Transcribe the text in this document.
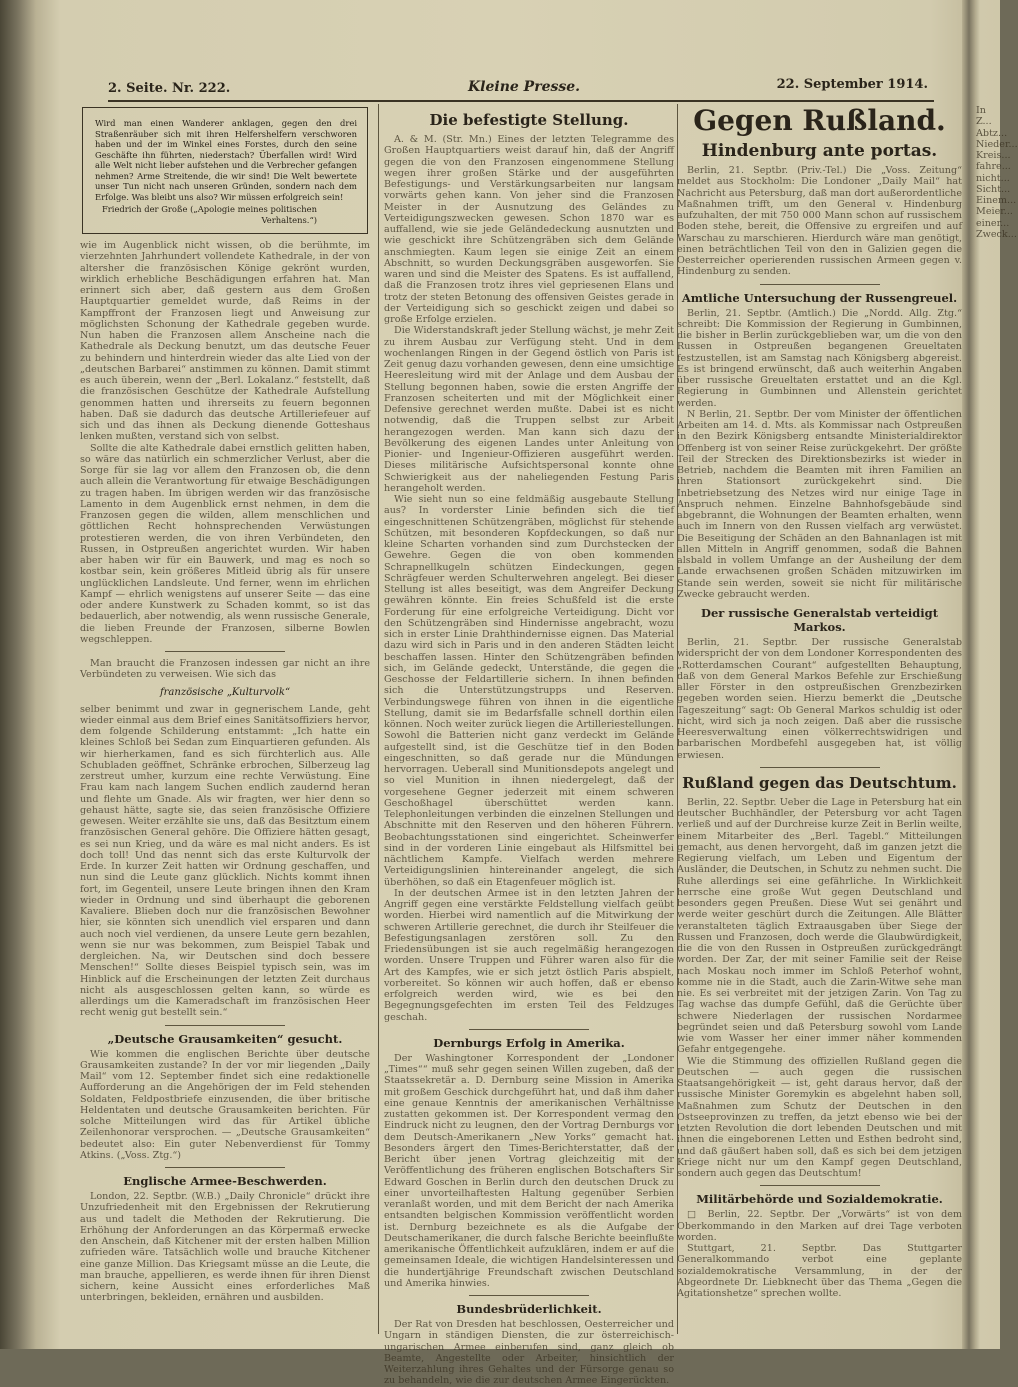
2. Seite. Nr. 222.	Kleine Presse.	22. September 1914.
Wird man einen Wanderer anklagen, gegen den drei Straßenräuber sich mit ihren Helfershelfern verschworen haben und der im Winkel eines Forstes, durch den seine Geschäfte ihn führten, niederstach? Überfallen wird! Wird alle Welt nicht lieber aufstehen und die Verbrecher gefangen nehmen? Arme Streitende, die wir sind! Die Welt bewertete unser Tun nicht nach unseren Gründen, sondern nach dem Erfolge. Was bleibt uns also? Wir müssen erfolgreich sein!
Friedrich der Große („Apologie meines politischen Verhaltens.“)

wie im Augenblick nicht wissen, ob die berühmte, im vierzehnten Jahrhundert vollendete Kathedrale, in der von altersher die französischen Könige gekrönt wurden, wirklich erhebliche Beschädigungen erfahren hat. Man erinnert sich aber, daß gestern aus dem Großen Hauptquartier gemeldet wurde, daß Reims in der Kampffront der Franzosen liegt und Anweisung zur möglichsten Schonung der Kathedrale gegeben wurde. Nun haben die Franzosen allem Anscheine nach die Kathedrale als Deckung benutzt, um das deutsche Feuer zu behindern und hinterdrein wieder das alte Lied von der „deutschen Barbarei“ anstimmen zu können. Damit stimmt es auch überein, wenn der „Berl. Lokalanz.“ feststellt, daß die französischen Geschütze der Kathedrale Aufstellung genommen hatten und ihrerseits zu feuern begonnen haben. Daß sie dadurch das deutsche Artilleriefeuer auf sich und das ihnen als Deckung dienende Gotteshaus lenken mußten, verstand sich von selbst.

Sollte die alte Kathedrale dabei ernstlich gelitten haben, so wäre das natürlich ein schmerzlicher Verlust, aber die Sorge für sie lag vor allem den Franzosen ob, die denn auch allein die Verantwortung für etwaige Beschädigungen zu tragen haben. Im übrigen werden wir das französische Lamento in dem Augenblick ernst nehmen, in dem die Franzosen gegen die wilden, allem menschlichen und göttlichen Recht hohnsprechenden Verwüstungen protestieren werden, die von ihren Verbündeten, den Russen, in Ostpreußen angerichtet wurden. Wir haben aber haben wir für ein Bauwerk, und mag es noch so kostbar sein, kein größeres Mitleid übrig als für unsere unglücklichen Landsleute. Und ferner, wenn im ehrlichen Kampf — ehrlich wenigstens auf unserer Seite — das eine oder andere Kunstwerk zu Schaden kommt, so ist das bedauerlich, aber notwendig, als wenn russische Generale, die lieben Freunde der Franzosen, silberne Bowlen wegschleppen.

Man braucht die Franzosen indessen gar nicht an ihre Verbündeten zu verweisen. Wie sich das

französische „Kulturvolk“

selber benimmt und zwar in gegnerischem Lande, geht wieder einmal aus dem Brief eines Sanitätsoffiziers hervor, dem folgende Schilderung entstammt: „Ich hatte ein kleines Schloß bei Sedan zum Einquartieren gefunden. Als wir hierherkamen, fand es sich fürchterlich aus. Alle Schubladen geöffnet, Schränke erbrochen, Silberzeug lag zerstreut umher, kurzum eine rechte Verwüstung. Eine Frau kam nach langem Suchen endlich zaudernd heran und flehte um Gnade. Als wir fragten, wer hier denn so gehaust hätte, sagte sie, das seien französische Offiziere gewesen. Weiter erzählte sie uns, daß das Besitztum einem französischen General gehöre. Die Offiziere hätten gesagt, es sei nun Krieg, und da wäre es mal nicht anders. Es ist doch toll! Und das nennt sich das erste Kulturvolk der Erde. In kurzer Zeit hatten wir Ordnung geschaffen, und nun sind die Leute ganz glücklich. Nichts kommt ihnen fort, im Gegenteil, unsere Leute bringen ihnen den Kram wieder in Ordnung und sind überhaupt die geborenen Kavaliere. Blieben doch nur die französischen Bewohner hier, sie könnten sich unendlich viel ersparen und dann auch noch viel verdienen, da unsere Leute gern bezahlen, wenn sie nur was bekommen, zum Beispiel Tabak und dergleichen. Na, wir Deutschen sind doch bessere Menschen!“ Sollte dieses Beispiel typisch sein, was im Hinblick auf die Erscheinungen der letzten Zeit durchaus nicht als ausgeschlossen gelten kann, so würde es allerdings um die Kameradschaft im französischen Heer recht wenig gut bestellt sein.“

„Deutsche Grausamkeiten“ gesucht.

Wie kommen die englischen Berichte über deutsche Grausamkeiten zustande? In der vor mir liegenden „Daily Mail“ vom 12. September findet sich eine redaktionelle Aufforderung an die Angehörigen der im Feld stehenden Soldaten, Feldpostbriefe einzusenden, die über britische Heldentaten und deutsche Grausamkeiten berichten. Für solche Mitteilungen wird das für Artikel übliche Zeilenhonorar versprochen. — „Deutsche Grausamkeiten“ bedeutet also: Ein guter Nebenverdienst für Tommy Atkins. („Voss. Ztg.“)

Englische Armee-Beschwerden.

London, 22. Septbr. (W.B.) „Daily Chronicle“ drückt ihre Unzufriedenheit mit den Ergebnissen der Rekrutierung aus und tadelt die Methoden der Rekrutierung. Die Erhöhung der Anforderungen an das Körpermaß erwecke den Anschein, daß Kitchener mit der ersten halben Million zufrieden wäre. Tatsächlich wolle und brauche Kitchener eine ganze Million. Das Kriegsamt müsse an die Leute, die man brauche, appellieren, es werde ihnen für ihren Dienst sichern, keine Aussicht eines erforderliches Maß unterbringen, bekleiden, ernähren und ausbilden.

Die befestigte Stellung.

A. & M. (Str. Mn.) Eines der letzten Telegramme des Großen Hauptquartiers weist darauf hin, daß der Angriff gegen die von den Franzosen eingenommene Stellung wegen ihrer großen Stärke und der ausgeführten Befestigungs- und Verstärkungsarbeiten nur langsam vorwärts gehen kann. Von jeher sind die Franzosen Meister in der Ausnutzung des Geländes zu Verteidigungszwecken gewesen. Schon 1870 war es auffallend, wie sie jede Geländedeckung ausnutzten und wie geschickt ihre Schützengräben sich dem Gelände anschmiegten. Kaum legen sie einige Zeit an einem Abschnitt, so wurden Deckungsgräben ausgeworfen. Sie waren und sind die Meister des Spatens. Es ist auffallend, daß die Franzosen trotz ihres viel gepriesenen Elans und trotz der steten Betonung des offensiven Geistes gerade in der Verteidigung sich so geschickt zeigen und dabei so große Erfolge erzielen.

Die Widerstandskraft jeder Stellung wächst, je mehr Zeit zu ihrem Ausbau zur Verfügung steht. Und in dem wochenlangen Ringen in der Gegend östlich von Paris ist Zeit genug dazu vorhanden gewesen, denn eine umsichtige Heeresleitung wird mit der Anlage und dem Ausbau der Stellung begonnen haben, sowie die ersten Angriffe der Franzosen scheiterten und mit der Möglichkeit einer Defensive gerechnet werden mußte. Dabei ist es nicht notwendig, daß die Truppen selbst zur Arbeit herangezogen werden. Man kann sich dazu der Bevölkerung des eigenen Landes unter Anleitung von Pionier- und Ingenieur-Offizieren ausgeführt werden. Dieses militärische Aufsichtspersonal konnte ohne Schwierigkeit aus der naheliegenden Festung Paris herangeholt werden.

Wie sieht nun so eine feldmäßig ausgebaute Stellung aus? In vorderster Linie befinden sich die tief eingeschnittenen Schützengräben, möglichst für stehende Schützen, mit besonderen Kopfdeckungen, so daß nur kleine Scharten vorhanden sind zum Durchstecken der Gewehre. Gegen die von oben kommenden Schrapnellkugeln schützen Eindeckungen, gegen Schrägfeuer werden Schulterwehren angelegt. Bei dieser Stellung ist alles beseitigt, was dem Angreifer Deckung gewähren könnte. Ein freies Schußfeld ist die erste Forderung für eine erfolgreiche Verteidigung. Dicht vor den Schützengräben sind Hindernisse angebracht, wozu sich in erster Linie Drahthindernisse eignen. Das Material dazu wird sich in Paris und in den anderen Städten leicht beschaffen lassen. Hinter den Schützengräben befinden sich, im Gelände gedeckt, Unterstände, die gegen die Geschosse der Feldartillerie sichern. In ihnen befinden sich die Unterstützungstrupps und Reserven. Verbindungswege führen von ihnen in die eigentliche Stellung, damit sie im Bedarfsfalle schnell dorthin eilen können. Noch weiter zurück liegen die Artilleriestellungen. Sowohl die Batterien nicht ganz verdeckt im Gelände aufgestellt sind, ist die Geschütze tief in den Boden eingeschnitten, so daß gerade nur die Mündungen hervorragen. Ueberall sind Munitionsdepots angelegt und so viel Munition in ihnen niedergelegt, daß der vorgesehene Gegner jederzeit mit einem schweren Geschoßhagel überschüttet werden kann. Telephonleitungen verbinden die einzelnen Stellungen und Abschnitte mit den Reserven und den höheren Führern. Beobachtungsstationen sind eingerichtet. Scheinwerfer sind in der vorderen Linie eingebaut als Hilfsmittel bei nächtlichem Kampfe. Vielfach werden mehrere Verteidigungslinien hintereinander angelegt, die sich überhöhen, so daß ein Etagenfeuer möglich ist.

In der deutschen Armee ist in den letzten Jahren der Angriff gegen eine verstärkte Feldstellung vielfach geübt worden. Hierbei wird namentlich auf die Mitwirkung der schweren Artillerie gerechnet, die durch ihr Steilfeuer die Befestigungsanlagen zerstören soll. Zu den Friedensübungen ist sie auch regelmäßig herangezogen worden. Unsere Truppen und Führer waren also für die Art des Kampfes, wie er sich jetzt östlich Paris abspielt, vorbereitet. So können wir auch hoffen, daß er ebenso erfolgreich werden wird, wie es bei den Begegnungsgefechten im ersten Teil des Feldzuges geschah.

Dernburgs Erfolg in Amerika.

Der Washingtoner Korrespondent der „Londoner „Times““ muß sehr gegen seinen Willen zugeben, daß der Staatssekretär a. D. Dernburg seine Mission in Amerika mit großem Geschick durchgeführt hat, und daß ihm daher eine genaue Kenntnis der amerikanischen Verhältnisse zustatten gekommen ist. Der Korrespondent vermag den Eindruck nicht zu leugnen, den der Vortrag Dernburgs vor dem Deutsch-Amerikanern „New Yorks“ gemacht hat. Besonders ärgert den Times-Berichterstatter, daß der Bericht über jenen Vortrag gleichzeitig mit der Veröffentlichung des früheren englischen Botschafters Sir Edward Goschen in Berlin durch den deutschen Druck zu einer unvorteilhaftesten Haltung gegenüber Serbien veranlaßt worden, und mit dem Bericht der nach Amerika entsandten belgischen Kommission veröffentlicht worden ist. Dernburg bezeichnete es als die Aufgabe der Deutschamerikaner, die durch falsche Berichte beeinflußte amerikanische Öffentlichkeit aufzuklären, indem er auf die gemeinsamen Ideale, die wichtigen Handelsinteressen und die hundertjährige Freundschaft zwischen Deutschland und Amerika hinwies.

Bundesbrüderlichkeit.

Der Rat von Dresden hat beschlossen, Oesterreicher und Ungarn in ständigen Diensten, die zur österreichisch-ungarischen Armee einberufen sind, ganz gleich ob Beamte, Angestellte oder Arbeiter, hinsichtlich der Weiterzahlung ihres Gehaltes und der Fürsorge genau so zu behandeln, wie die zur deutschen Armee Eingerückten.

Gegen Rußland.
Hindenburg ante portas.

Berlin, 21. Septbr. (Priv.-Tel.) Die „Voss. Zeitung“ meldet aus Stockholm: Die Londoner „Daily Mail“ hat Nachricht aus Petersburg, daß man dort außerordentliche Maßnahmen trifft, um den General v. Hindenburg aufzuhalten, der mit 750 000 Mann schon auf russischem Boden stehe, bereit, die Offensive zu ergreifen und auf Warschau zu marschieren. Hierdurch wäre man genötigt, einen beträchtlichen Teil von den in Galizien gegen die Oesterreicher operierenden russischen Armeen gegen v. Hindenburg zu senden.

Amtliche Untersuchung der Russengreuel.

Berlin, 21. Septbr. (Amtlich.) Die „Nordd. Allg. Ztg.“ schreibt: Die Kommission der Regierung in Gumbinnen, die bisher in Berlin zurückgeblieben war, um die von den Russen in Ostpreußen begangenen Greueltaten festzustellen, ist am Samstag nach Königsberg abgereist. Es ist bringend erwünscht, daß auch weiterhin Angaben über russische Greueltaten erstattet und an die Kgl. Regierung in Gumbinnen und Allenstein gerichtet werden.

N Berlin, 21. Septbr. Der vom Minister der öffentlichen Arbeiten am 14. d. Mts. als Kommissar nach Ostpreußen in den Bezirk Königsberg entsandte Ministerialdirektor Offenberg ist von seiner Reise zurückgekehrt. Der größte Teil der Strecken des Direktionsbezirks ist wieder in Betrieb, nachdem die Beamten mit ihren Familien an ihren Stationsort zurückgekehrt sind. Die Inbetriebsetzung des Netzes wird nur einige Tage in Anspruch nehmen. Einzelne Bahnhofsgebäude sind abgebrannt, die Wohnungen der Beamten erhalten, wenn auch im Innern von den Russen vielfach arg verwüstet. Die Beseitigung der Schäden an den Bahnanlagen ist mit allen Mitteln in Angriff genommen, sodaß die Bahnen alsbald in vollem Umfange an der Ausheilung der dem Lande erwachsenen großen Schäden mitzuwirken im Stande sein werden, soweit sie nicht für militärische Zwecke gebraucht werden.

Der russische Generalstab verteidigt Markos.

Berlin, 21. Septbr. Der russische Generalstab widerspricht der von dem Londoner Korrespondenten des „Rotterdamschen Courant“ aufgestellten Behauptung, daß von dem General Markos Befehle zur Erschießung aller Förster in den ostpreußischen Grenzbezirken gegeben worden seien. Hierzu bemerkt die „Deutsche Tageszeitung“ sagt: Ob General Markos schuldig ist oder nicht, wird sich ja noch zeigen. Daß aber die russische Heeresverwaltung einen völkerrechtswidrigen und barbarischen Mordbefehl ausgegeben hat, ist völlig erwiesen.

Rußland gegen das Deutschtum.

Berlin, 22. Septbr. Ueber die Lage in Petersburg hat ein deutscher Buchhändler, der Petersburg vor acht Tagen verließ und auf der Durchreise kurze Zeit in Berlin weilte, einem Mitarbeiter des „Berl. Tagebl.“ Mitteilungen gemacht, aus denen hervorgeht, daß im ganzen jetzt die Regierung vielfach, um Leben und Eigentum der Ausländer, die Deutschen, in Schutz zu nehmen sucht. Die Ruhe allerdings sei eine gefährliche. In Wirklichkeit herrsche eine große Wut gegen Deutschland und besonders gegen Preußen. Diese Wut sei genährt und werde weiter geschürt durch die Zeitungen. Alle Blätter veranstalteten täglich Extraausgaben über Siege der Russen und Franzosen, doch werde die Glaubwürdigkeit, die die von den Russen in Ostpreußen zurückgedrängt worden. Der Zar, der mit seiner Familie seit der Reise nach Moskau noch immer im Schloß Peterhof wohnt, komme nie in die Stadt, auch die Zarin-Witwe sehe man nie. Es sei verbreitet mit der jetzigen Zarin. Von Tag zu Tag wachse das dumpfe Gefühl, daß die Gerüchte über schwere Niederlagen der russischen Nordarmee begründet seien und daß Petersburg sowohl vom Lande wie vom Wasser her einer immer näher kommenden Gefahr entgegengehe.

Wie die Stimmung des offiziellen Rußland gegen die Deutschen — auch gegen die russischen Staatsangehörigkeit — ist, geht daraus hervor, daß der russische Minister Goremykin es abgelehnt haben soll, Maßnahmen zum Schutz der Deutschen in den Ostseeprovinzen zu treffen, da jetzt ebenso wie bei der letzten Revolution die dort lebenden Deutschen und mit ihnen die eingeborenen Letten und Esthen bedroht sind, und daß gäußert haben soll, daß es sich bei dem jetzigen Kriege nicht nur um den Kampf gegen Deutschland, sondern auch gegen das Deutschtum!

Militärbehörde und Sozialdemokratie.

□ Berlin, 22. Septbr. Der „Vorwärts“ ist von dem Oberkommando in den Marken auf drei Tage verboten worden.

Stuttgart, 21. Septbr. Das Stuttgarter Generalkommando verbot eine geplante sozialdemokratische Versammlung, in der der Abgeordnete Dr. Liebknecht über das Thema „Gegen die Agitationshetze“ sprechen wollte.

In Z... Abtz... Nieder... Kreis... fahre... nicht... Sicht... Einem... Meier... einer... Zweck...
